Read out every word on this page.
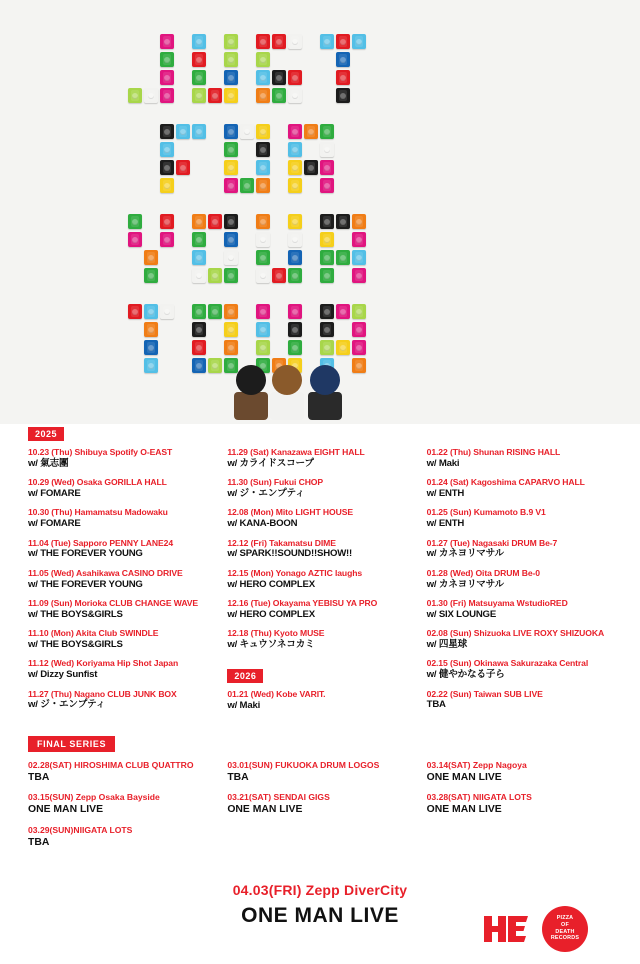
2025
10.23 (Thu) Shibuya Spotify O-EAST
w/ 氣志團
10.29 (Wed) Osaka GORILLA HALL
w/ FOMARE
10.30 (Thu) Hamamatsu Madowaku
w/ FOMARE
11.04 (Tue) Sapporo PENNY LANE24
w/ THE FOREVER YOUNG
11.05 (Wed) Asahikawa CASINO DRIVE
w/ THE FOREVER YOUNG
11.09 (Sun) Morioka CLUB CHANGE WAVE
w/ THE BOYS&GIRLS
11.10 (Mon) Akita Club SWINDLE
w/ THE BOYS&GIRLS
11.12 (Wed) Koriyama Hip Shot Japan
w/ Dizzy Sunfist
11.27 (Thu) Nagano CLUB JUNK BOX
w/ ジ・エンプティ
11.29 (Sat) Kanazawa EIGHT HALL
w/ カライドスコープ
11.30 (Sun) Fukui CHOP
w/ ジ・エンプティ
12.08 (Mon) Mito LIGHT HOUSE
w/ KANA-BOON
12.12 (Fri) Takamatsu DIME
w/ SPARK!!SOUND!!SHOW!!
12.15 (Mon) Yonago AZTIC laughs
w/ HERO COMPLEX
12.16 (Tue) Okayama YEBISU YA PRO
w/ HERO COMPLEX
12.18 (Thu) Kyoto MUSE
w/ キュウソネコカミ
2026
01.21 (Wed) Kobe VARIT.
w/ Maki
01.22 (Thu) Shunan RISING HALL
w/ Maki
01.24 (Sat) Kagoshima CAPARVO HALL
w/ ENTH
01.25 (Sun) Kumamoto B.9 V1
w/ ENTH
01.27 (Tue) Nagasaki DRUM Be-7
w/ カネヨリマサル
01.28 (Wed) Oita DRUM Be-0
w/ カネヨリマサル
01.30 (Fri) Matsuyama WstudioRED
w/ SIX LOUNGE
02.08 (Sun) Shizuoka LIVE ROXY SHIZUOKA
w/ 四星球
02.15 (Sun) Okinawa Sakurazaka Central
w/ 健やかなる子ら
02.22 (Sun) Taiwan SUB LIVE
TBA
FINAL SERIES
02.28(SAT) HIROSHIMA CLUB QUATTRO
TBA
03.15(SUN) Zepp Osaka Bayside
ONE MAN LIVE
03.29(SUN)NIIGATA LOTS
TBA
03.01(SUN) FUKUOKA DRUM LOGOS
TBA
03.21(SAT) SENDAI GIGS
ONE MAN LIVE
03.14(SAT) Zepp Nagoya
ONE MAN LIVE
03.28(SAT) NIIGATA LOTS
ONE MAN LIVE
04.03(FRI) Zepp DiverCity
ONE MAN LIVE	PIZZA
OF
DEATH
RECORDS
